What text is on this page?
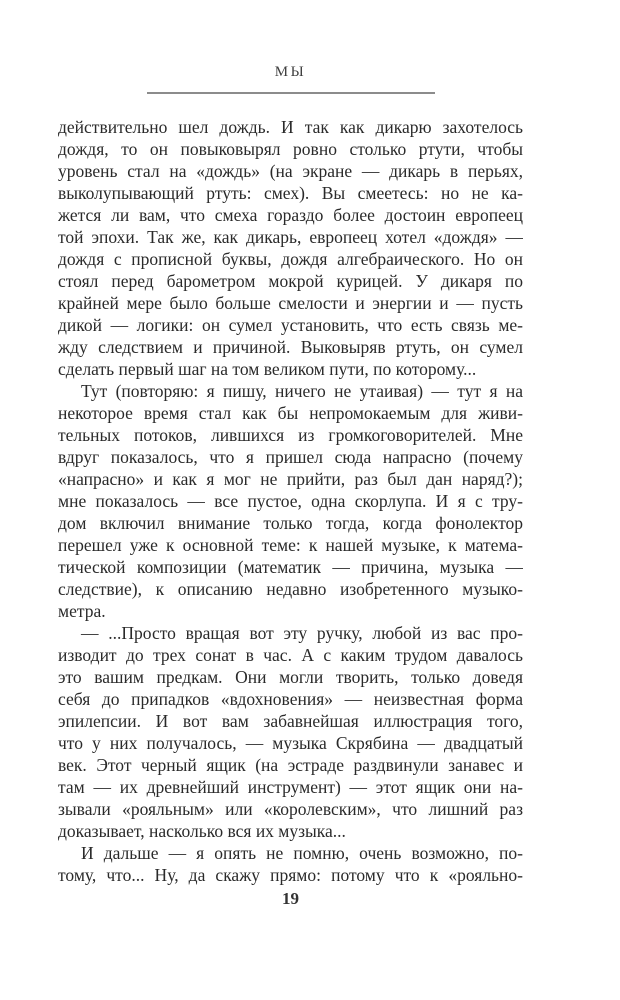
МЫ
действительно шел дождь. И так как дикарю захотелось
дождя, то он повыковырял ровно столько ртути, чтобы
уровень стал на «дождь» (на экране — дикарь в перьях,
выколупывающий ртуть: смех). Вы смеетесь: но не ка-
жется ли вам, что смеха гораздо более достоин европеец
той эпохи. Так же, как дикарь, европеец хотел «дождя» —
дождя с прописной буквы, дождя алгебраического. Но он
стоял перед барометром мокрой курицей. У дикаря по
крайней мере было больше смелости и энергии и — пусть
дикой — логики: он сумел установить, что есть связь ме-
жду следствием и причиной. Выковыряв ртуть, он сумел
сделать первый шаг на том великом пути, по которому...
Тут (повторяю: я пишу, ничего не утаивая) — тут я на
некоторое время стал как бы непромокаемым для живи-
тельных потоков, лившихся из громкоговорителей. Мне
вдруг показалось, что я пришел сюда напрасно (почему
«напрасно» и как я мог не прийти, раз был дан наряд?);
мне показалось — все пустое, одна скорлупа. И я с тру-
дом включил внимание только тогда, когда фонолектор
перешел уже к основной теме: к нашей музыке, к матема-
тической композиции (математик — причина, музыка —
следствие), к описанию недавно изобретенного музыко-
метра.
— ...Просто вращая вот эту ручку, любой из вас про-
изводит до трех сонат в час. А с каким трудом давалось
это вашим предкам. Они могли творить, только доведя
себя до припадков «вдохновения» — неизвестная форма
эпилепсии. И вот вам забавнейшая иллюстрация того,
что у них получалось, — музыка Скрябина — двадцатый
век. Этот черный ящик (на эстраде раздвинули занавес и
там — их древнейший инструмент) — этот ящик они на-
зывали «рояльным» или «королевским», что лишний раз
доказывает, насколько вся их музыка...
И дальше — я опять не помню, очень возможно, по-
тому, что... Ну, да скажу прямо: потому что к «рояльно-
19
